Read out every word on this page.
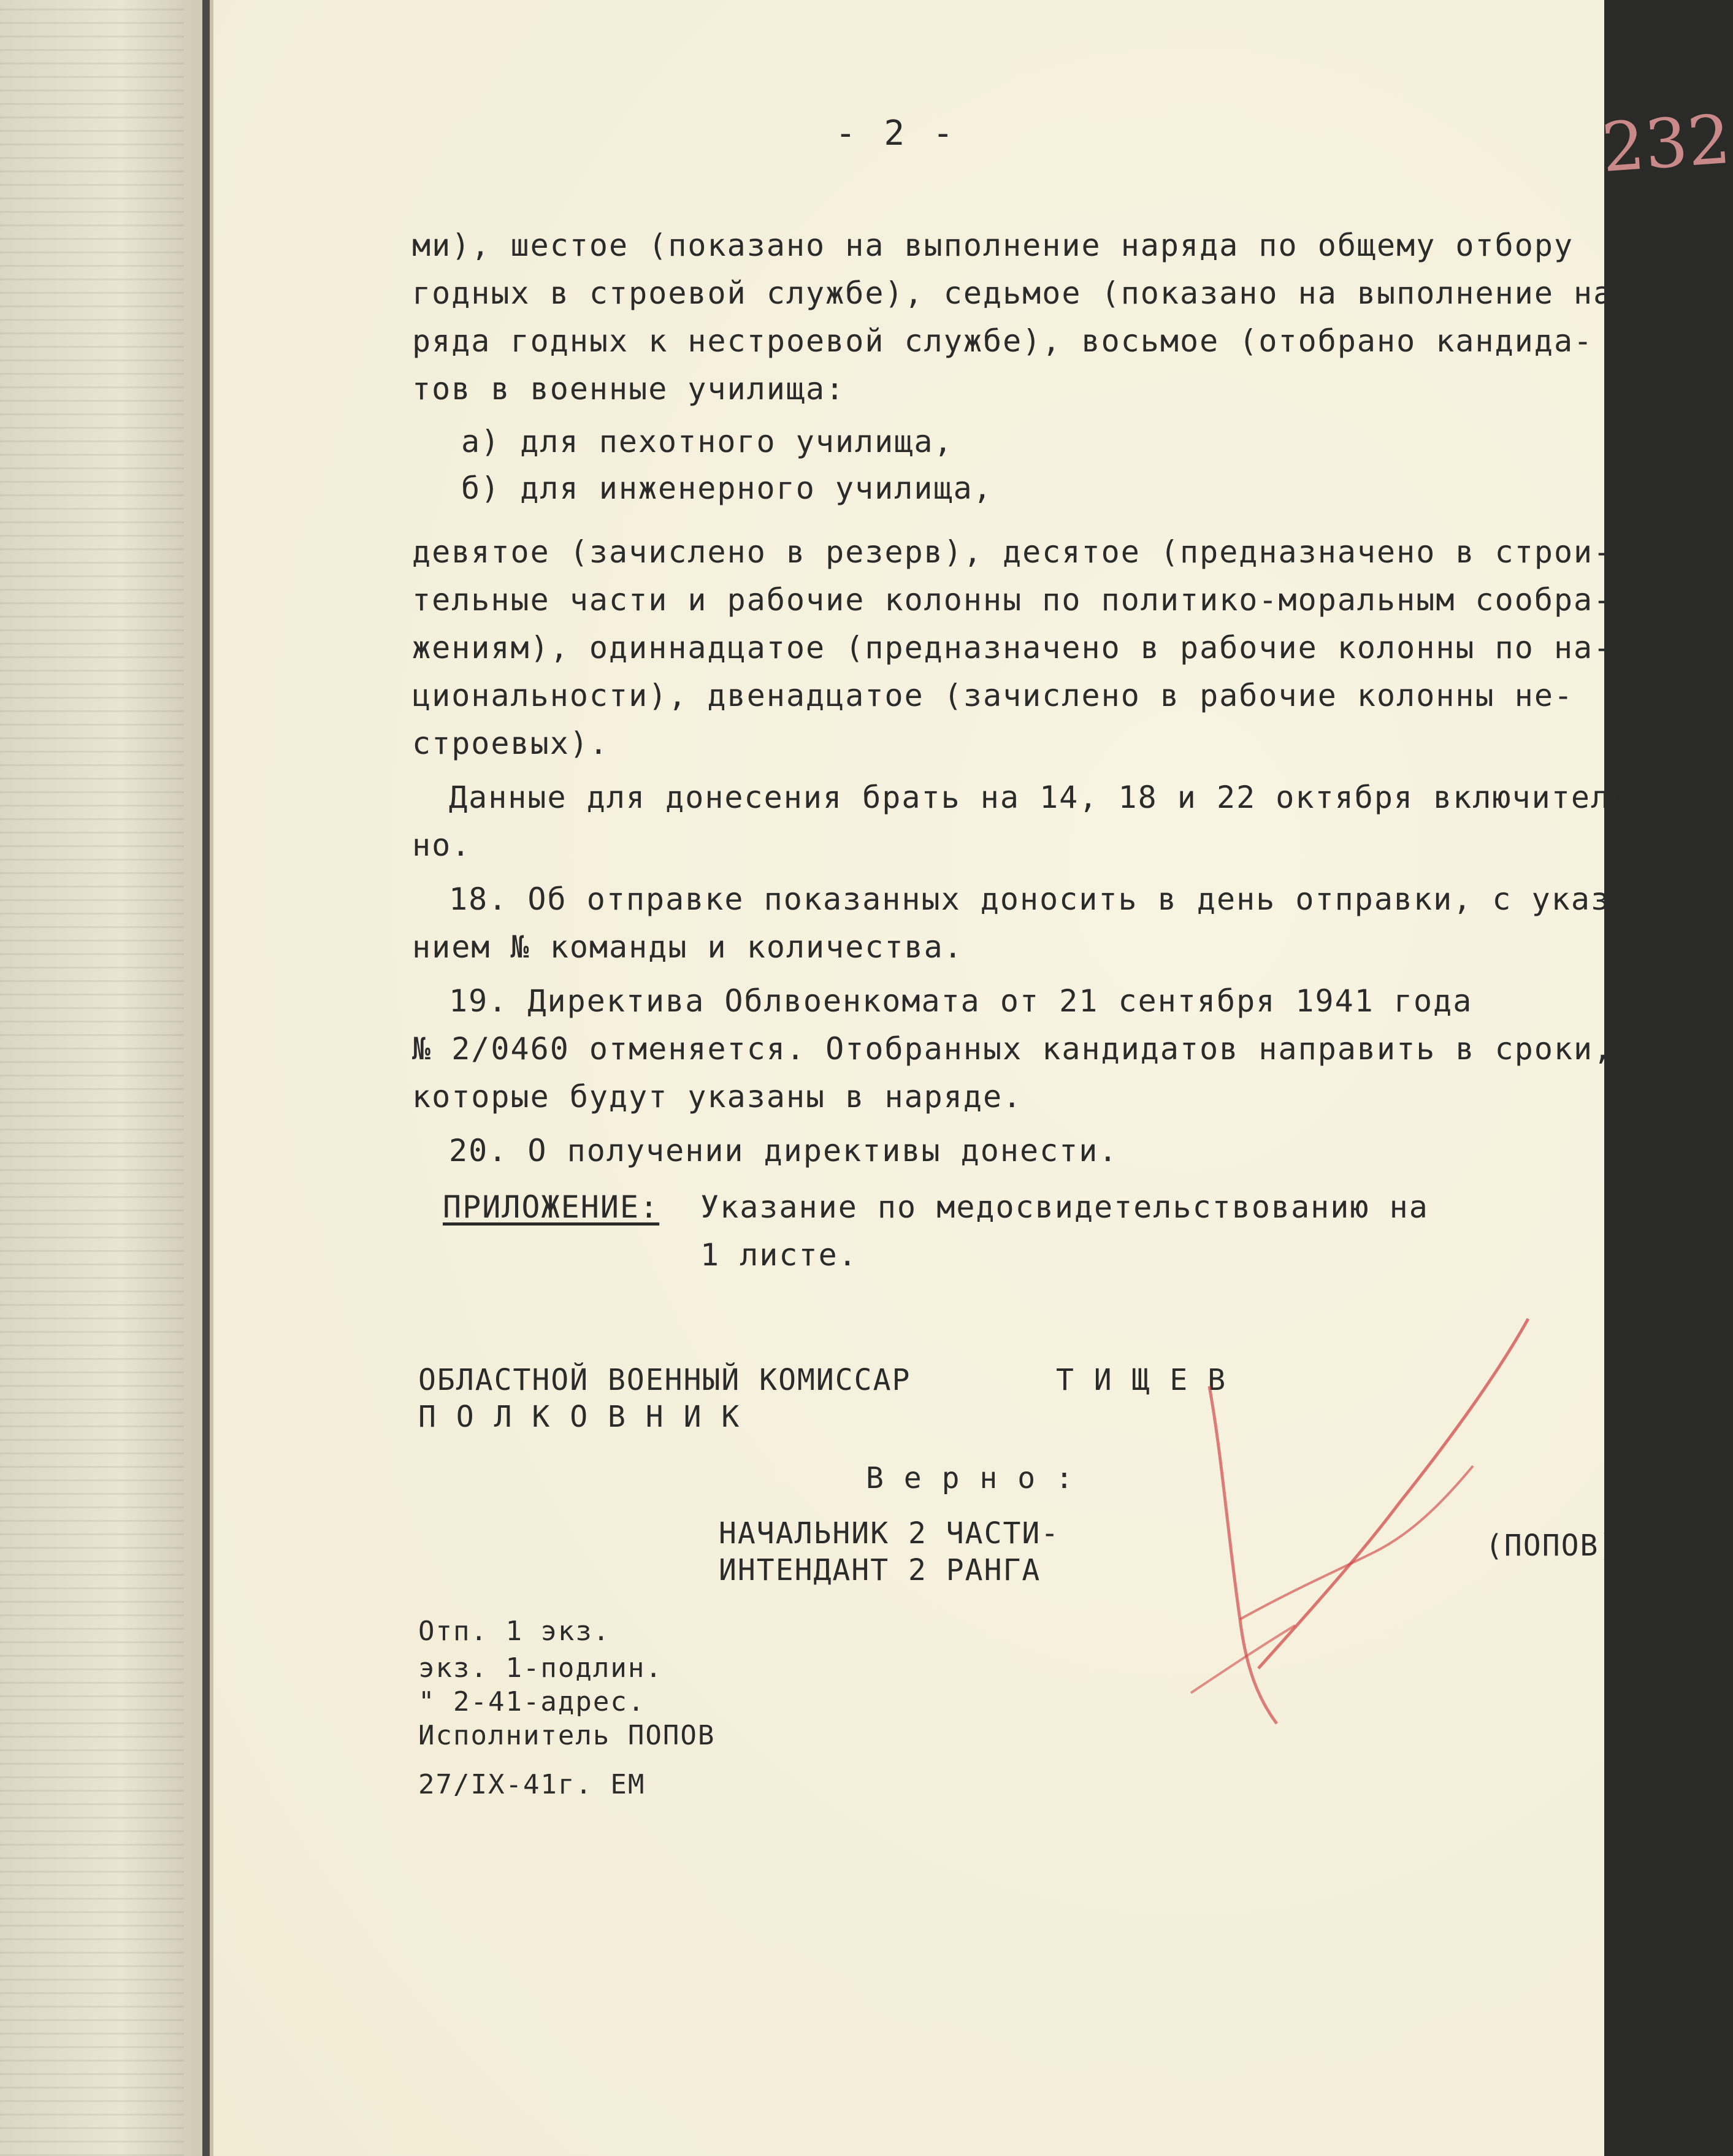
- 2 -	232
ми), шестое (показано на выполнение наряда по общему отбору
годных в строевой службе), седьмое (показано на выполнение на-
ряда годных к нестроевой службе), восьмое (отобрано кандида-
тов в военные училища:
а) для пехотного училища,
б) для инженерного училища,
девятое (зачислено в резерв), десятое (предназначено в строи-
тельные части и рабочие колонны по политико-моральным сообра-
жениям), одиннадцатое (предназначено в рабочие колонны по на-
циональности), двенадцатое (зачислено в рабочие колонны не-
строевых).
Данные для донесения брать на 14, 18 и 22 октября включитель-
но.
18. Об отправке показанных доносить в день отправки, с указа-
нием № команды и количества.
19. Директива Облвоенкомата от 21 сентября 1941 года
№ 2/0460 отменяется. Отобранных кандидатов направить в сроки,
которые будут указаны в наряде.
20. О получении директивы донести.
ПРИЛОЖЕНИЕ: Указание по медосвидетельствованию на
1 листе.
ОБЛАСТНОЙ ВОЕННЫЙ КОМИССАР	Т И Щ Е В
П О Л К О В Н И К
В е р н о :
НАЧАЛЬНИК 2 ЧАСТИ-
ИНТЕНДАНТ 2 РАНГА
(ПОПОВ)
Отп. 1 экз.
экз. 1-подлин.
" 2-41-адрес.
Исполнитель ПОПОВ
27/IX-41г. ЕМ
